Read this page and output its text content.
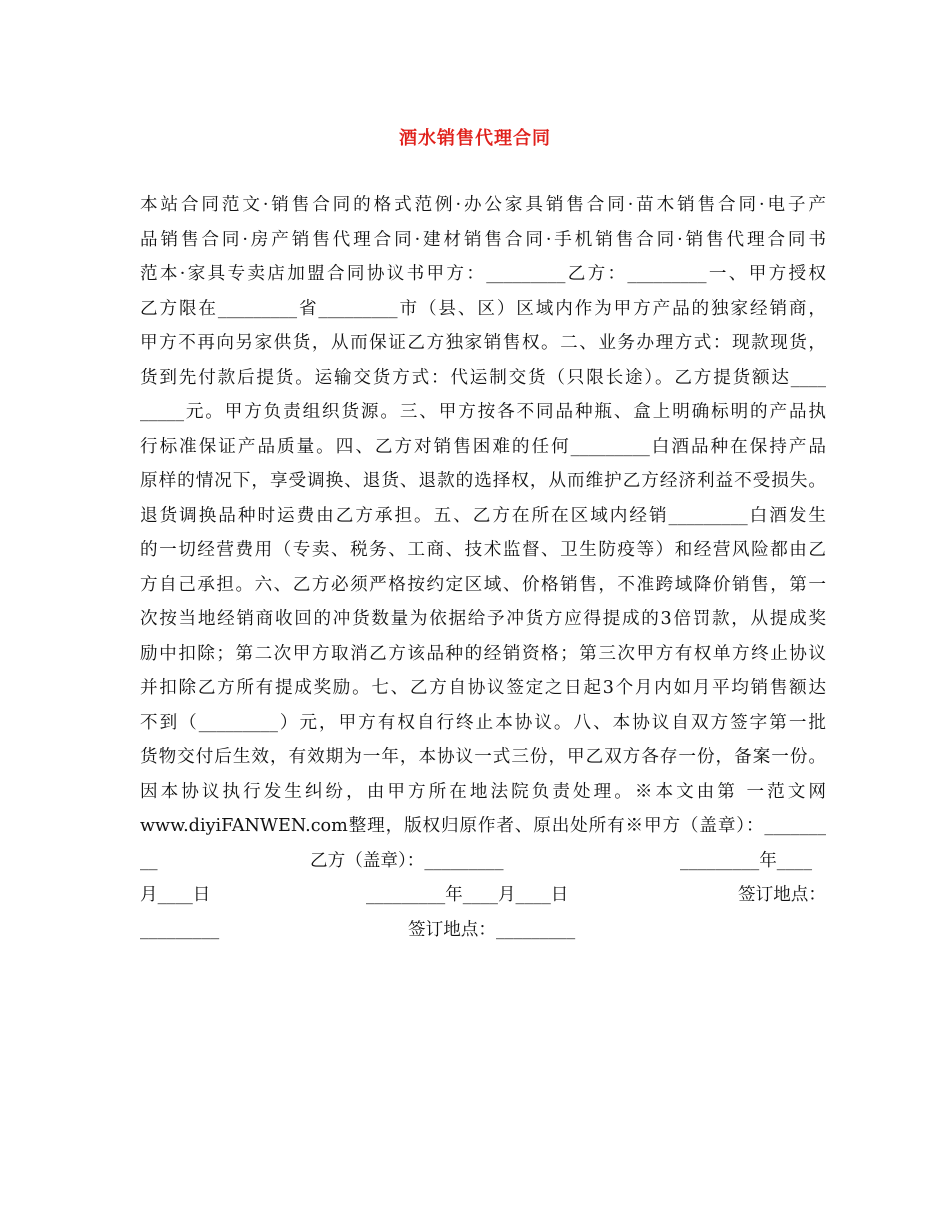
酒水销售代理合同
本站合同范文·销售合同的格式范例·办公家具销售合同·苗木销售合同·电子产
品销售合同·房产销售代理合同·建材销售合同·手机销售合同·销售代理合同书
范本·家具专卖店加盟合同协议书甲方：_________乙方：_________一、甲方授权
乙方限在_________省_________市（县、区）区域内作为甲方产品的独家经销商，
甲方不再向另家供货，从而保证乙方独家销售权。二、业务办理方式：现款现货，
货到先付款后提货。运输交货方式：代运制交货（只限长途）。乙方提货额达____
_____元。甲方负责组织货源。三、甲方按各不同品种瓶、盒上明确标明的产品执
行标准保证产品质量。四、乙方对销售困难的任何_________白酒品种在保持产品
原样的情况下，享受调换、退货、退款的选择权，从而维护乙方经济利益不受损失。
退货调换品种时运费由乙方承担。五、乙方在所在区域内经销_________白酒发生
的一切经营费用（专卖、税务、工商、技术监督、卫生防疫等）和经营风险都由乙
方自己承担。六、乙方必须严格按约定区域、价格销售，不准跨域降价销售，第一
次按当地经销商收回的冲货数量为依据给予冲货方应得提成的3倍罚款，从提成奖
励中扣除；第二次甲方取消乙方该品种的经销资格；第三次甲方有权单方终止协议
并扣除乙方所有提成奖励。七、乙方自协议签定之日起3个月内如月平均销售额达
不到（_________）元，甲方有权自行终止本协议。八、本协议自双方签字第一批
货物交付后生效，有效期为一年，本协议一式三份，甲乙双方各存一份，备案一份。
因本协议执行发生纠纷，由甲方所在地法院负责处理。※本文由第 一范文网
www.diyiFANWEN.com整理，版权归原作者、原出处所有※甲方（盖章）：_______
__	乙方（盖章）：_________	_________年____
月____日	_________年____月____日	签订地点：
_________	签订地点：_________
